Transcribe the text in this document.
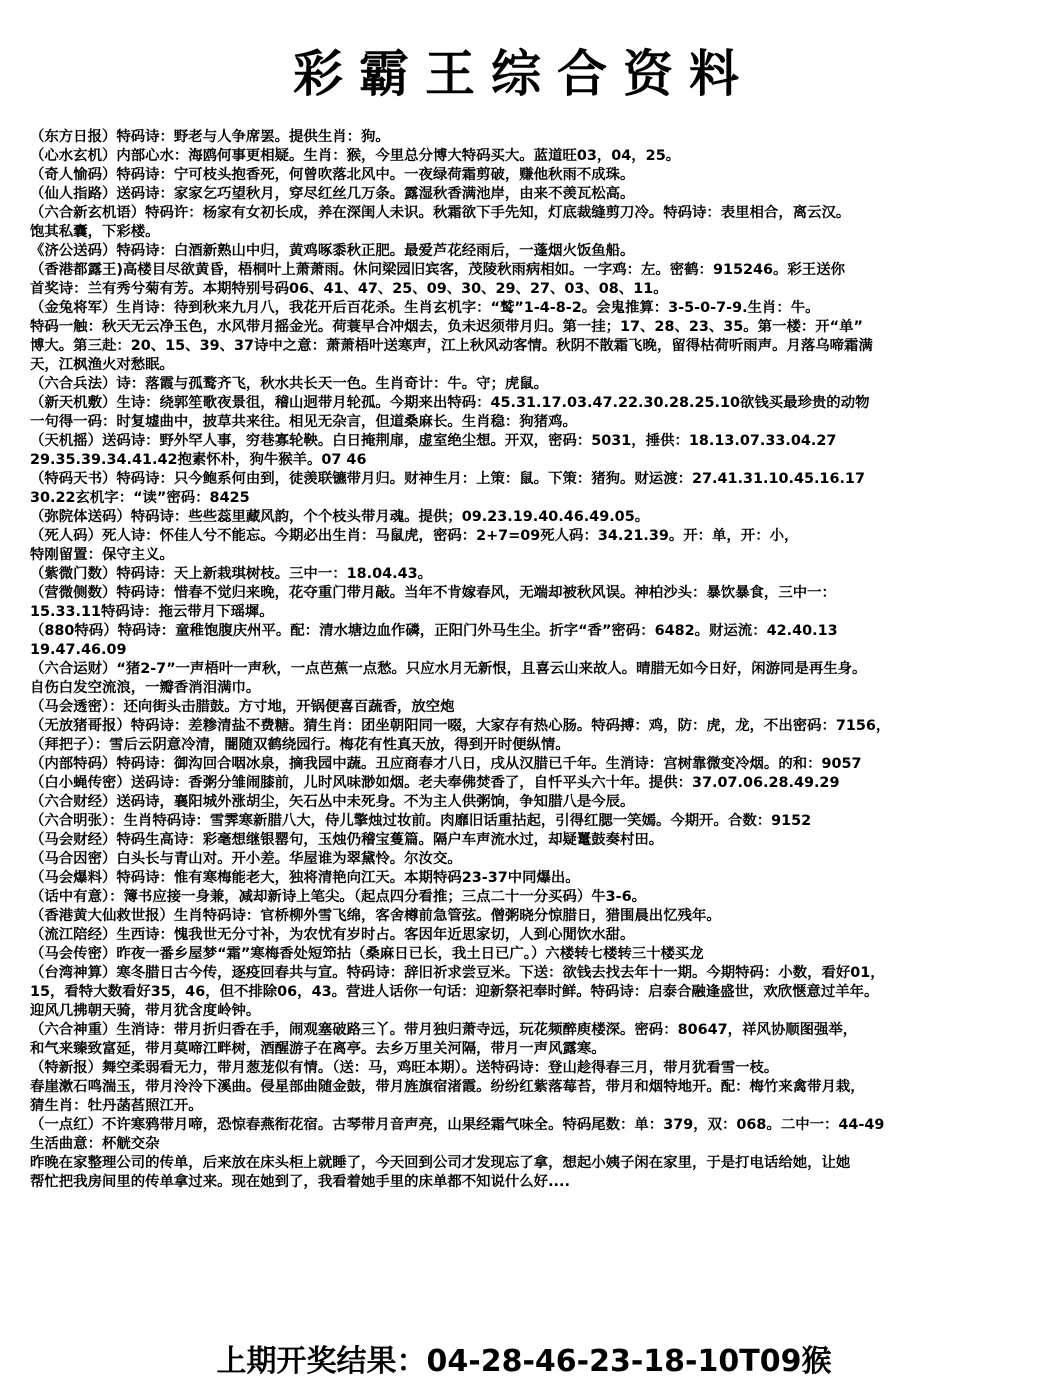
彩霸王综合资料
（东方日报）特码诗：野老与人争席罢。提供生肖：狗。
（心水玄机）内部心水：海鸥何事更相疑。生肖：猴，今里总分博大特码买大。蓝道旺03，04，25。
（奇人愉码）特码诗：宁可枝头抱香死，何曾吹落北风中。一夜绿荷霜剪破，赚他秋雨不成珠。
（仙人指路）送码诗：家家乞巧望秋月，穿尽红丝几万条。露湿秋香满池岸，由来不羡瓦松高。
（六合新玄机语）特码许：杨家有女初长成，养在深闺人未识。秋霜欲下手先知，灯底裁缝剪刀冷。特码诗：表里相合，离云汉。
饱其私囊，下彩楼。
《济公送码）特码诗：白酒新熟山中归，黄鸡啄黍秋正肥。最爱芦花经雨后，一蓬烟火饭鱼船。
（香港都露王)高楼目尽欲黄昏，梧桐叶上萧萧雨。休问梁园旧宾客，茂陵秋雨病相如。一字鸡：左。密鹤：915246。彩王送你
首奖诗：兰有秀兮菊有芳。本期特别号码06、41、47、25、09、30、29、27、03、08、11。
（金兔将军）生肖诗：待到秋来九月八，我花开后百花杀。生肖玄机字：“鹫”1-4-8-2。会鬼推算：3-5-0-7-9.生肖：牛。
特码一触：秋天无云净玉色，水风带月摇金光。荷蓑早合冲烟去，负未迟须带月归。第一挂；17、28、23、35。第一楼：开“单”
博大。第三赴：20、15、39、37诗中之意：萧萧梧叶送寒声，江上秋风动客情。秋阴不散霜飞晚，留得枯荷听雨声。月落乌啼霜满
天，江枫渔火对愁眠。
（六合兵法）诗：落霞与孤鹜齐飞，秋水共长天一色。生肖奇计：牛。守；虎鼠。
（新天机敷）生诗：绕郭笙歌夜景徂，稽山迥带月轮孤。今期来出特码：45.31.17.03.47.22.30.28.25.10欲钱买最珍贵的动物
一句得一码：时复墟曲中，披草共来往。相见无杂言，但道桑麻长。生肖稳：狗猪鸡。
（天机摇）送码诗：野外罕人事，穷巷寡轮鞅。白日掩荆扉，虚室绝尘想。开双，密码：5031，捶供：18.13.07.33.04.27
29.35.39.34.41.42抱素怀朴，狗牛猴羊。07 46
（特码天书）特码诗：只今鲍系何由到，徒羡联镳带月归。财神生月：上策：鼠。下策：猪狗。财运渡：27.41.31.10.45.16.17
30.22玄机字：“读”密码：8425
（弥院体送码）特码诗：些些蕊里藏风韵，个个枝头带月魂。提供；09.23.19.40.46.49.05。
（死人码）死人诗：怀佳人兮不能忘。今期必出生肖：马鼠虎，密码：2+7=09死人码：34.21.39。开：单，开：小，
特刚留置：保守主义。
（紫微门数）特码诗：天上新栽琪树枝。三中一：18.04.43。
（营微侧数）特码诗：惜春不觉归来晚，花夺重门带月敲。当年不肯嫁春风，无端却被秋风误。神柏沙头：暴饮暴食，三中一：
15.33.11特码诗：拖云带月下瑶墀。
（880特码）特码诗：童稚饱腹庆州平。配：清水塘边血作磷，正阳门外马生尘。折字“香”密码：6482。财运流：42.40.13
19.47.46.09
（六合运财）“猪2-7”一声梧叶一声秋，一点芭蕉一点愁。只应水月无新恨，且喜云山来故人。晴腊无如今日好，闲游同是再生身。
自伤白发空流浪，一瓣香消泪满巾。
（马会透密）：还向街头击腊鼓。方寸地，开锅便喜百蔬香，放空炮
（无放猪哥报）特码诗：差糁清盐不费糖。猜生肖：团坐朝阳同一啜，大家存有热心肠。特码搏：鸡，防：虎，龙，不出密码：7156，
（拜把子）：雪后云阴意冷清，闇随双鹤绕园行。梅花有性真天放，得到开时便纵情。
（内部特码）特码诗：御沟回合咽冰泉，摘我园中蔬。丑应商春才八日，戌从汉腊已千年。生消诗：宫树靠微变冷烟。的和：9057
（白小蝇传密）送码诗：香粥分雏闹膝前，儿时风味渺如烟。老夫奉佛焚香了，自忏平头六十年。提供：37.07.06.28.49.29
（六合财经）送码诗，襄阳城外涨胡尘，矢石丛中未死身。不为主人供粥饷，争知腊八是今辰。
（六合明张）：生肖特码诗：雪霁寒新腊八大，侍儿擎烛过妆前。肉靡旧话重拈起，引得红腮一笑嫣。今期开。合数：9152
（马会财经）特码生高诗：彩毫想继银罂句，玉烛仍稽宝蒦篇。隔户车声流水过，却疑鼍鼓奏村田。
（马合因密）白头长与青山对。开小差。华屋谁为翠黛怜。尔汝交。
（马会爆料）特码诗：惟有寒梅能老大，独将清艳向江天。本期特码23-37中同爆出。
（话中有意）：簿书应接一身兼，减却新诗上笔尖。（起点四分看推；三点二十一分买码）牛3-6。
（香港黄大仙救世报）生肖特码诗：官桥柳外雪飞绵，客舍樽前急管弦。僧粥晓分惊腊日，猎围晨出忆残年。
（流江陪经）生西诗：愧我世无分寸补，为农忧有岁时占。客因年近思家切，人到心閒饮水甜。
（马会传密）昨夜一番乡屋梦“霜”寒梅香处短笻拈（桑麻日已长，我土日已广。）六楼转七楼转三十楼买龙
（台湾神算）寒冬腊日古今传，逐疫回春共与宣。特码诗：辞旧祈求尝豆米。下送：欲钱去找去年十一期。今期特码：小数，看好01，
15，看特大数看好35，46，但不排除06，43。营进人话你一句话：迎新祭祀奉时鲜。特码诗：启泰合融逢盛世，欢欣惬意过羊年。
迎风几拂朝天骑，带月犹含度岭钟。
（六合神重）生消诗：带月折归香在手，闹观塞破路三丫。带月独归萧寺远，玩花频醉庾楼深。密码：80647，祥风协顺图强举，
和气来臻致富延，带月莫啼江畔树，酒醒游子在离亭。去乡万里关河隔，带月一声风露寒。
（特新报）舞空柔弱看无力，带月葱茏似有情。（送：马，鸡旺本期）。送特码诗：登山趁得春三月，带月犹看雪一枝。
春崖漱石鸣湍玉，带月泠泠下溪曲。侵星部曲随金鼓，带月旌旗宿渚霞。纷纷红紫落莓苔，带月和烟特地开。配：梅竹来禽带月栽，
猜生肖：牡丹菡萏照江开。
（一点红）不许寒鸦带月啼，恐惊春燕衔花宿。古琴带月音声亮，山果经霜气味全。特码尾数：单：379，双：068。二中一：44-49
生活曲意：杯觥交杂
昨晚在家整理公司的传单，后来放在床头柜上就睡了，今天回到公司才发现忘了拿，想起小姨子闲在家里，于是打电话给她，让她
帮忙把我房间里的传单拿过来。现在她到了，我看着她手里的床单都不知说什么好....
上期开奖结果：04-28-46-23-18-10T09猴
